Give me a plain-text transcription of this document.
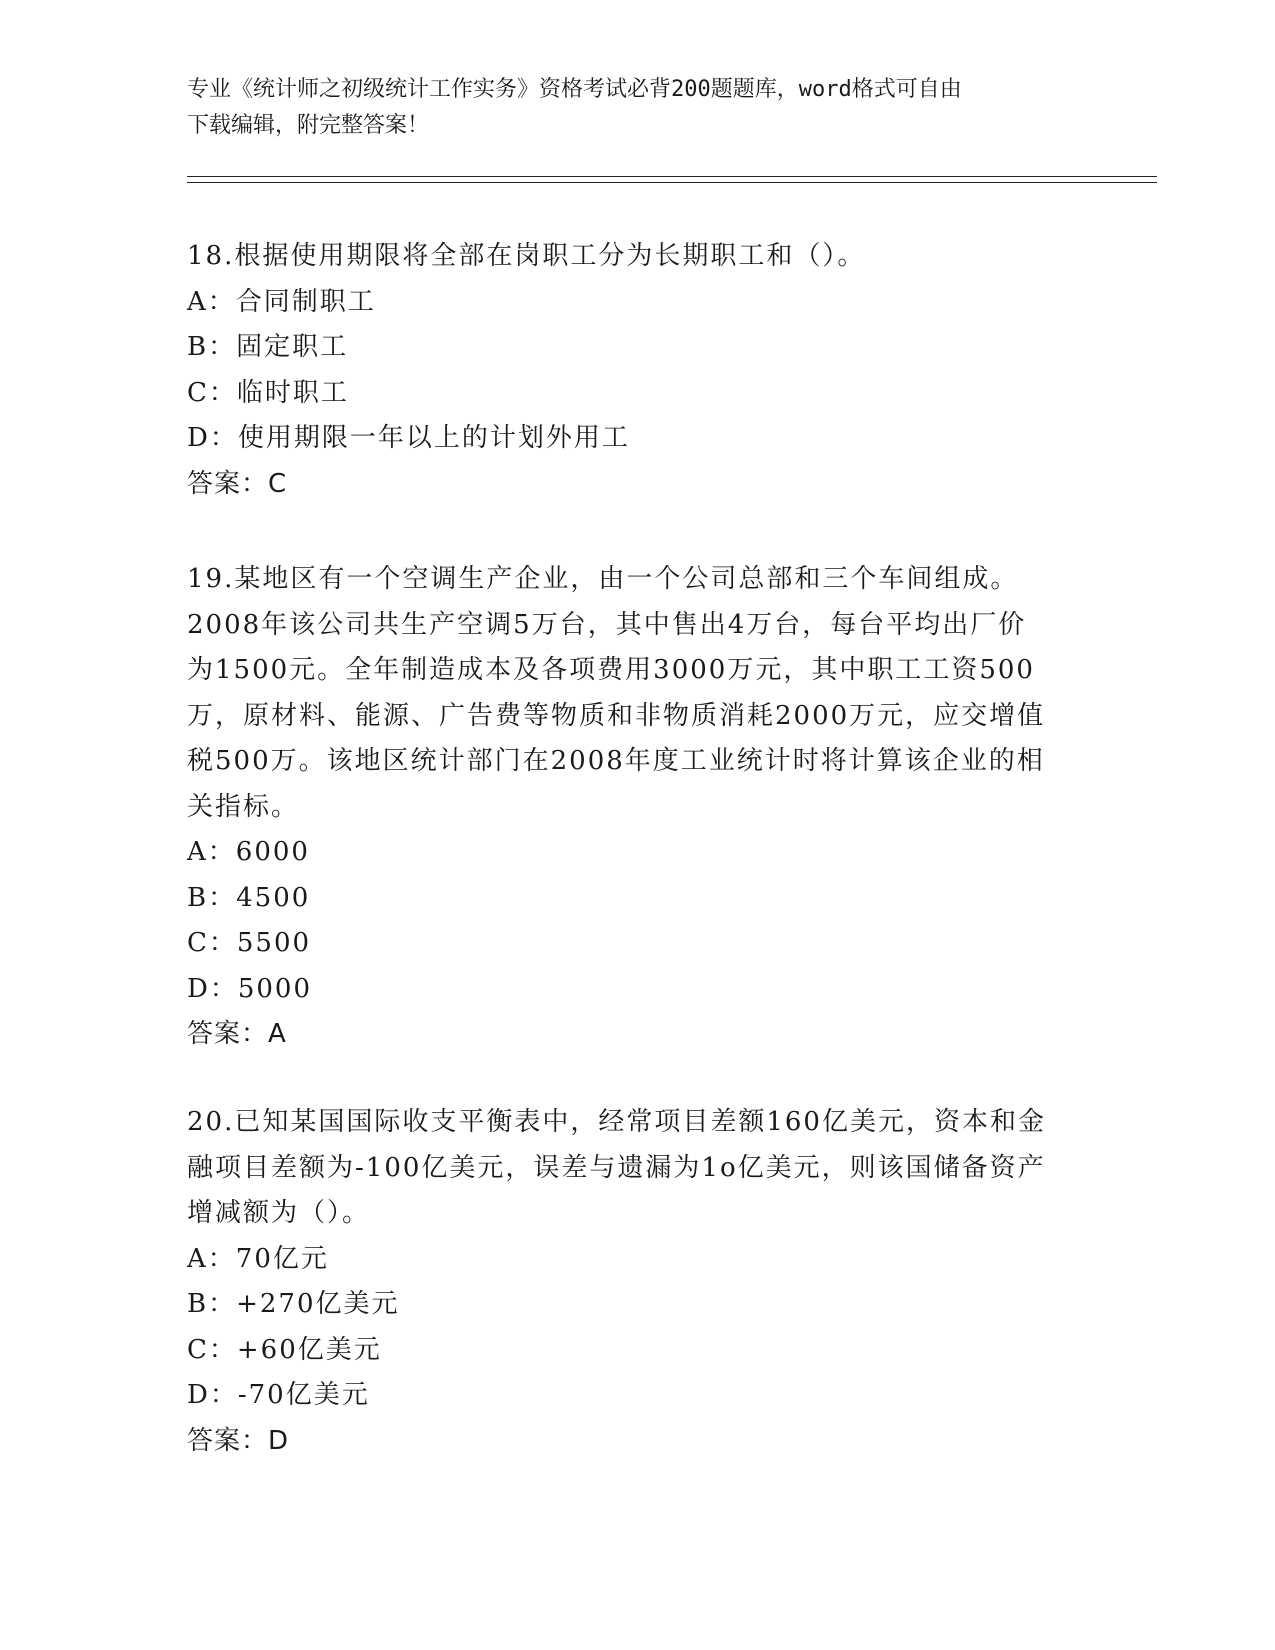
专业《统计师之初级统计工作实务》资格考试必背200题题库，word格式可自由
下载编辑，附完整答案！

18.根据使用期限将全部在岗职工分为长期职工和（）。

A：合同制职工

B：固定职工

C：临时职工

D：使用期限一年以上的计划外用工

答案：C

19.某地区有一个空调生产企业，由一个公司总部和三个车间组成。

2008年该公司共生产空调5万台，其中售出4万台，每台平均出厂价

为1500元。全年制造成本及各项费用3000万元，其中职工工资500

万，原材料、能源、广告费等物质和非物质消耗2000万元，应交增值

税500万。该地区统计部门在2008年度工业统计时将计算该企业的相

关指标。

A：6000

B：4500

C：5500

D：5000

答案：A

20.已知某国国际收支平衡表中，经常项目差额160亿美元，资本和金

融项目差额为-100亿美元，误差与遗漏为1o亿美元，则该国储备资产

增减额为（）。

A：70亿元

B：+270亿美元

C：+60亿美元

D：-70亿美元

答案：D
